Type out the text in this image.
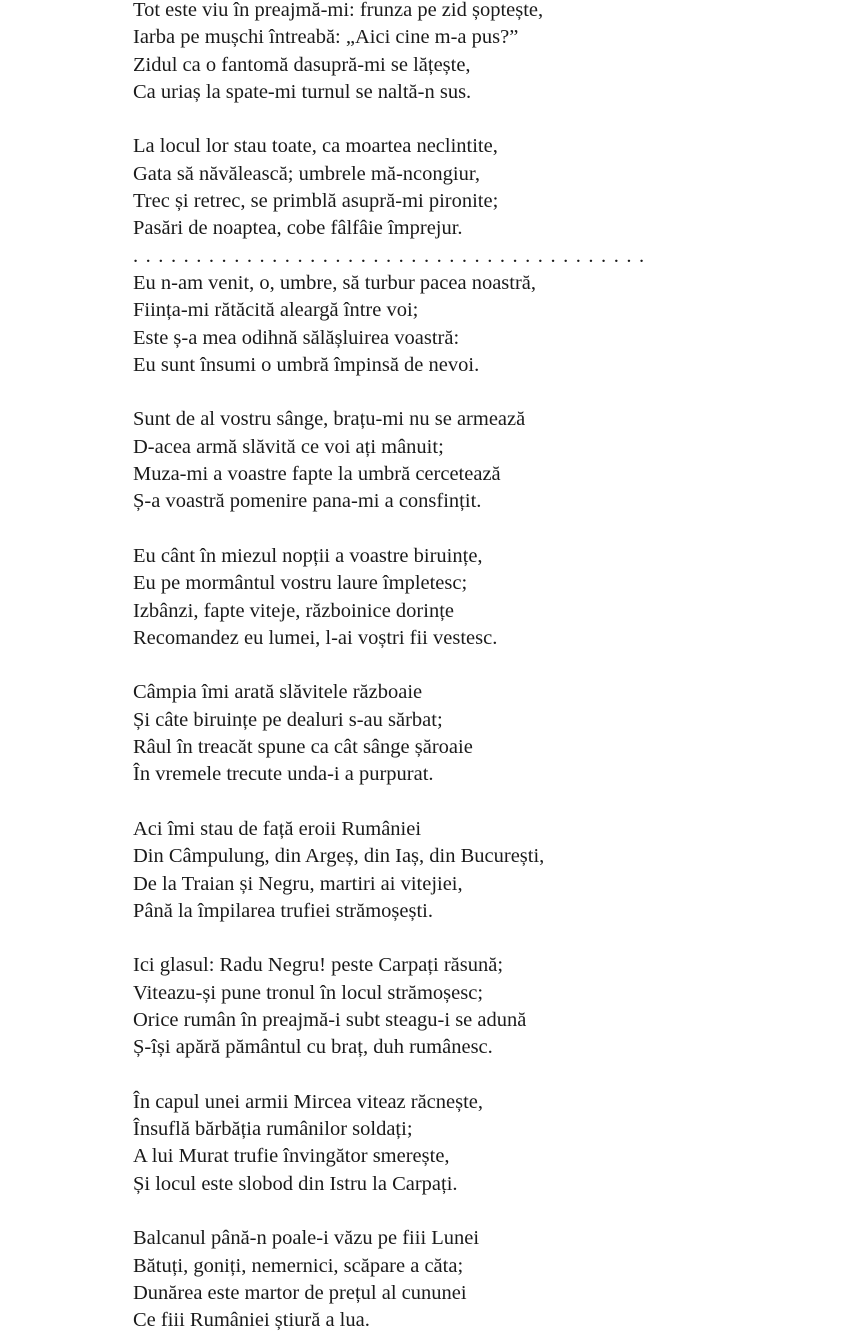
Tot este viu în preajmă-mi: frunza pe zid șoptește,
Iarba pe mușchi întreabă: „Aici cine m-a pus?”
Zidul ca o fantomă dasupră-mi se lățește,
Ca uriaș la spate-mi turnul se naltă-n sus.
La locul lor stau toate, ca moartea neclintite,
Gata să năvălească; umbrele mă-ncongiur,
Trec și retrec, se primblă asupră-mi pironite;
Pasări de noaptea, cobe fâlfâie împrejur.
. . . . . . . . . . . . . . . . . . . . . . . . . . . . . . . . . . . . . . . . .
Eu n-am venit, o, umbre, să turbur pacea noastră,
Ființa-mi rătăcită aleargă între voi;
Este ș-a mea odihnă sălășluirea voastră:
Eu sunt însumi o umbră împinsă de nevoi.
Sunt de al vostru sânge, brațu-mi nu se armează
D-acea armă slăvită ce voi ați mânuit;
Muza-mi a voastre fapte la umbră cercetează
Ș-a voastră pomenire pana-mi a consfințit.
Eu cânt în miezul nopții a voastre biruințe,
Eu pe mormântul vostru laure împletesc;
Izbânzi, fapte viteje, războinice dorințe
Recomandez eu lumei, l-ai voștri fii vestesc.
Câmpia îmi arată slăvitele războaie
Și câte biruințe pe dealuri s-au sărbat;
Râul în treacăt spune ca cât sânge șăroaie
În vremele trecute unda-i a purpurat.
Aci îmi stau de față eroii Rumâniei
Din Câmpulung, din Argeș, din Iaș, din București,
De la Traian și Negru, martiri ai vitejiei,
Până la împilarea trufiei strămoșești.
Ici glasul: Radu Negru! peste Carpați răsună;
Viteazu-și pune tronul în locul strămoșesc;
Orice rumân în preajmă-i subt steagu-i se adună
Ș-își apără pământul cu braț, duh rumânesc.
În capul unei armii Mircea viteaz răcnește,
Însuflă bărbăția rumânilor soldați;
A lui Murat trufie învingător smerește,
Și locul este slobod din Istru la Carpați.
Balcanul până-n poale-i văzu pe fiii Lunei
Bătuți, goniți, nemernici, scăpare a căta;
Dunărea este martor de prețul al cununei
Ce fiii Rumâniei știură a lua.
